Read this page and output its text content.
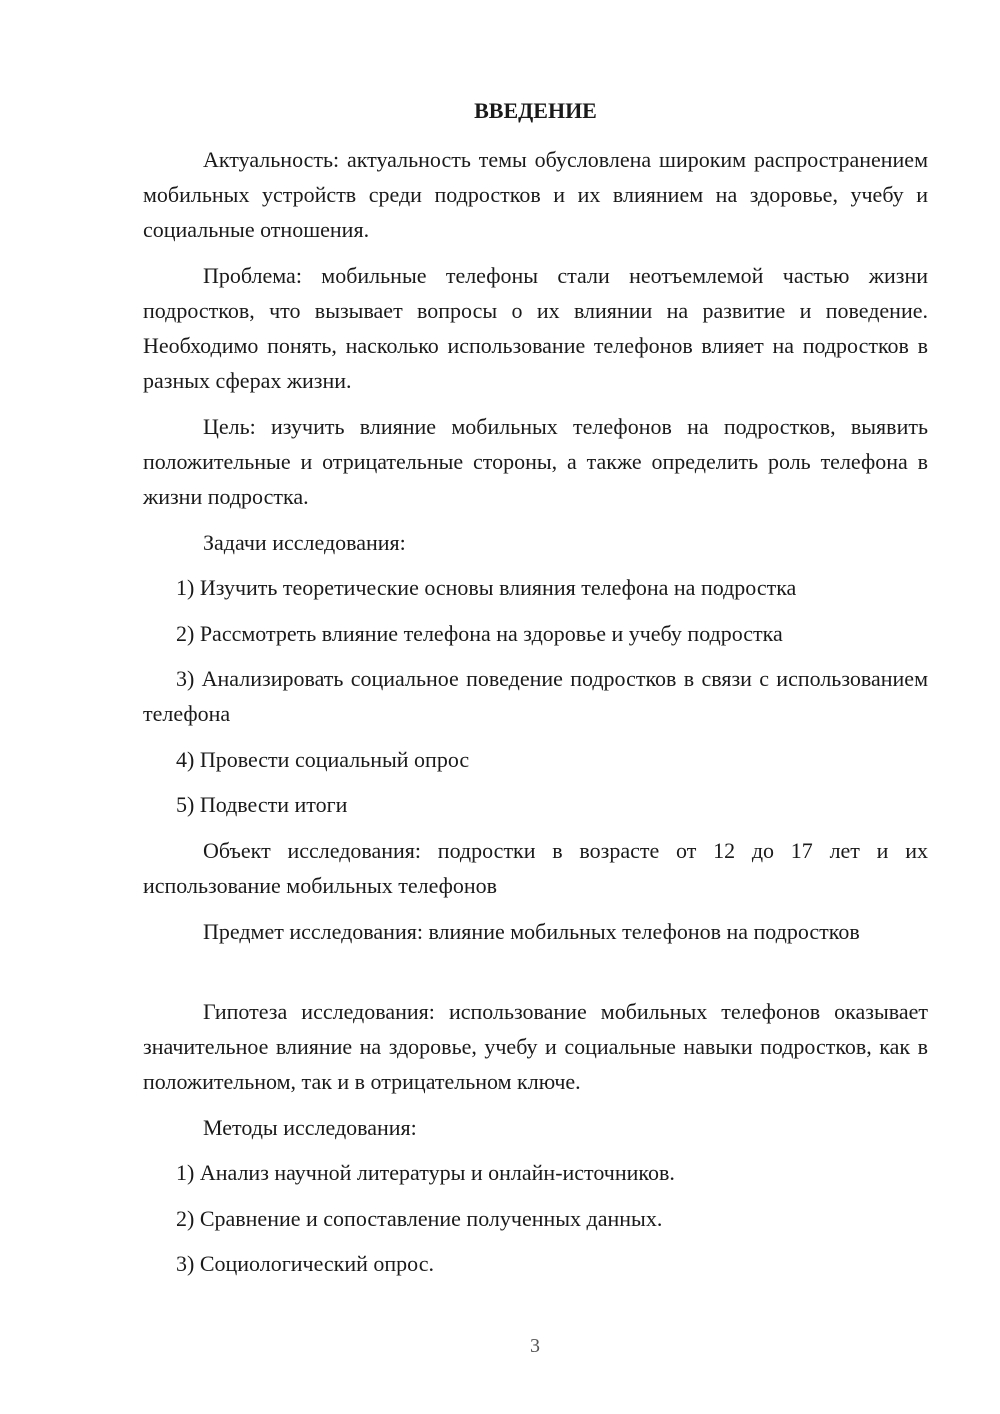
ВВЕДЕНИЕ

Актуальность: актуальность темы обусловлена широким распространением мобильных устройств среди подростков и их влиянием на здоровье, учебу и социальные отношения.

Проблема: мобильные телефоны стали неотъемлемой частью жизни подростков, что вызывает вопросы о их влиянии на развитие и поведение. Необходимо понять, насколько использование телефонов влияет на подростков в разных сферах жизни.

Цель: изучить влияние мобильных телефонов на подростков, выявить положительные и отрицательные стороны, а также определить роль телефона в жизни подростка.

Задачи исследования:

1) Изучить теоретические основы влияния телефона на подростка

2) Рассмотреть влияние телефона на здоровье и учебу подростка

3) Анализировать социальное поведение подростков в связи с использованием телефона

4) Провести социальный опрос

5) Подвести итоги

Объект исследования: подростки в возрасте от 12 до 17 лет и их использование мобильных телефонов

Предмет исследования: влияние мобильных телефонов на подростков

Гипотеза исследования: использование мобильных телефонов оказывает значительное влияние на здоровье, учебу и социальные навыки подростков, как в положительном, так и в отрицательном ключе.

Методы исследования:

1) Анализ научной литературы и онлайн-источников.

2) Сравнение и сопоставление полученных данных.

3) Социологический опрос.

3
